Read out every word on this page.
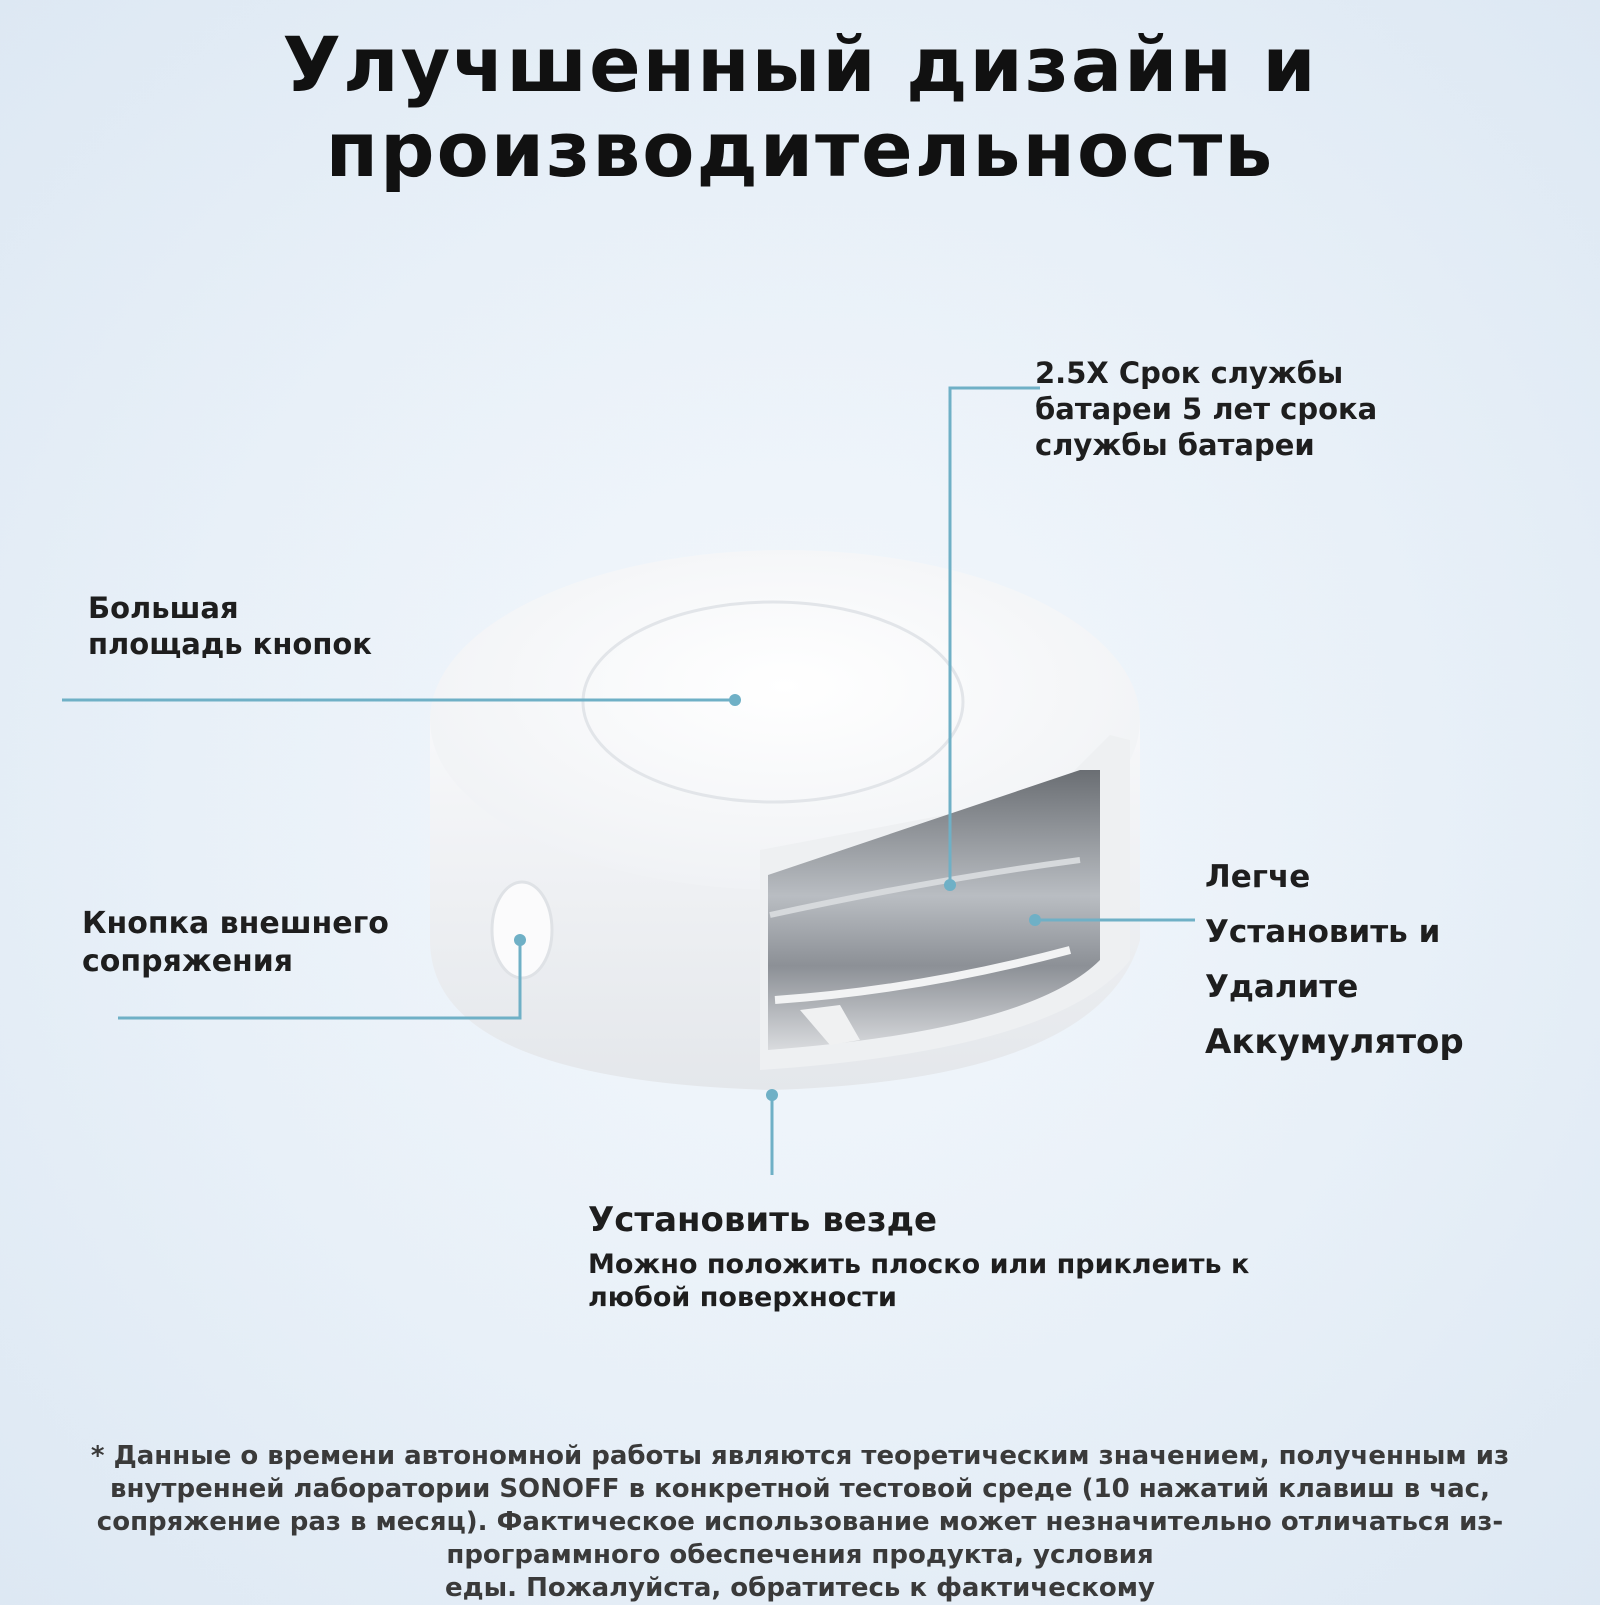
Улучшенный дизайн и
производительность
2.5X Срок службы
батареи 5 лет срока
службы батареи
Большая
площадь кнопок
Кнопка внешнего
сопряжения
Легче
Установить и
Удалите
Аккумулятор
Установить везде
Можно положить плоско или приклеить к любой поверхности
* Данные о времени автономной работы являются теоретическим значением, полученным из
внутренней лаборатории SONOFF в конкретной тестовой среде (10 нажатий клавиш в час,
сопряжение раз в месяц). Фактическое использование может незначительно отличаться из-
программного обеспечения продукта, условия
еды. Пожалуйста, обратитесь к фактическому
